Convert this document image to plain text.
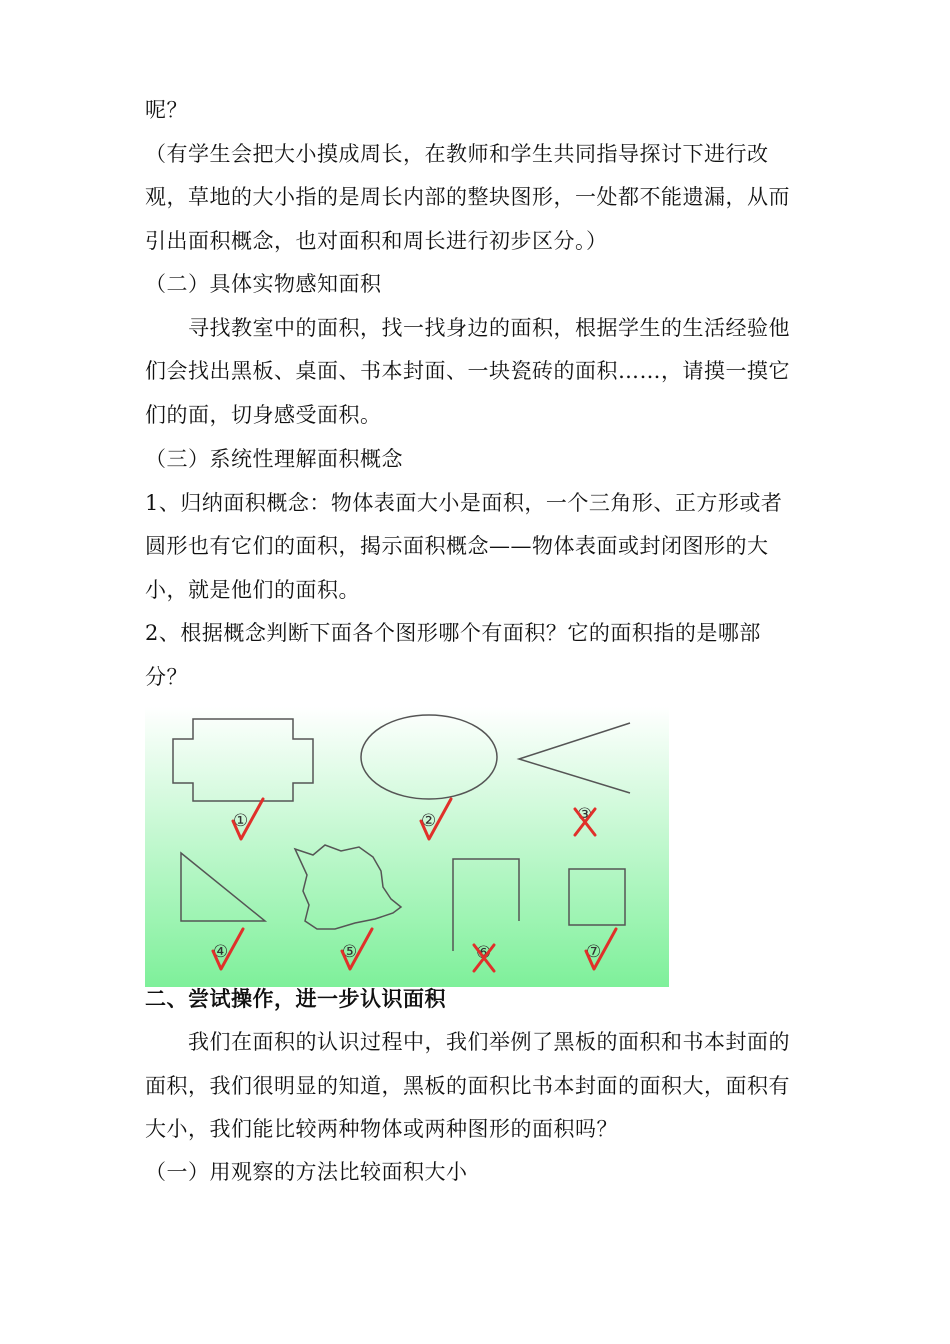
呢？
（有学生会把大小摸成周长，在教师和学生共同指导探讨下进行改
观，草地的大小指的是周长内部的整块图形，一处都不能遗漏，从而
引出面积概念，也对面积和周长进行初步区分。）
（二）具体实物感知面积
　　寻找教室中的面积，找一找身边的面积，根据学生的生活经验他
们会找出黑板、桌面、书本封面、一块瓷砖的面积……，请摸一摸它
们的面，切身感受面积。
（三）系统性理解面积概念
1、归纳面积概念：物体表面大小是面积，一个三角形、正方形或者
圆形也有它们的面积，揭示面积概念——物体表面或封闭图形的大
小，就是他们的面积。
2、根据概念判断下面各个图形哪个有面积？它的面积指的是哪部
分？
①	②	③
④	⑤	⑥	⑦
二、尝试操作，进一步认识面积
　　我们在面积的认识过程中，我们举例了黑板的面积和书本封面的
面积，我们很明显的知道，黑板的面积比书本封面的面积大，面积有
大小，我们能比较两种物体或两种图形的面积吗？
（一）用观察的方法比较面积大小
